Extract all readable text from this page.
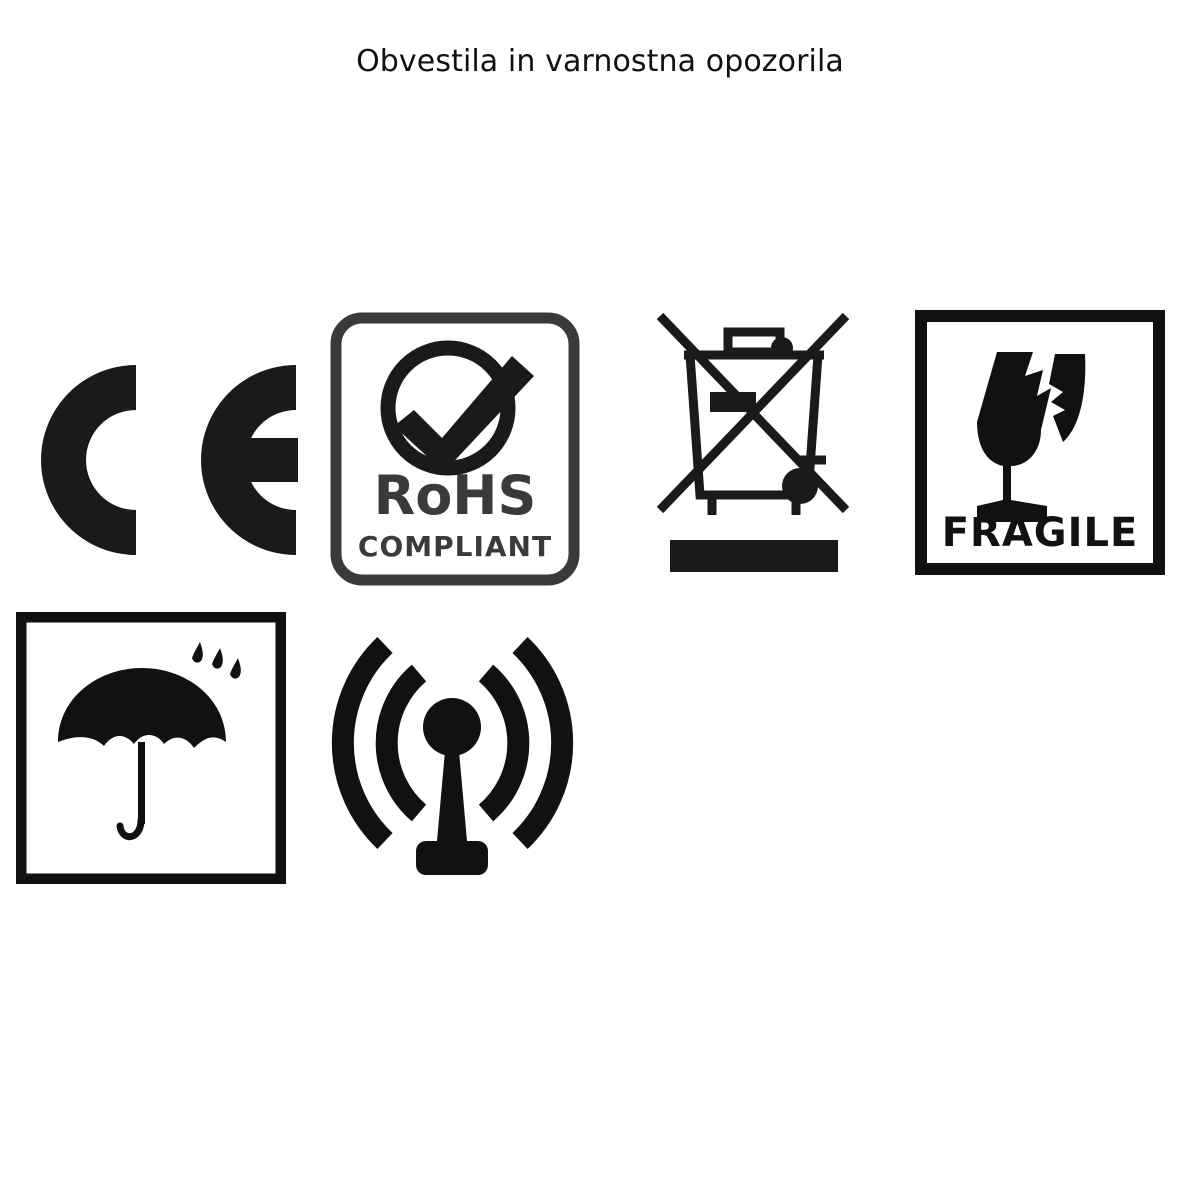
Obvestila in varnostna opozorila
RoHS
COMPLIANT	FRAGILE
